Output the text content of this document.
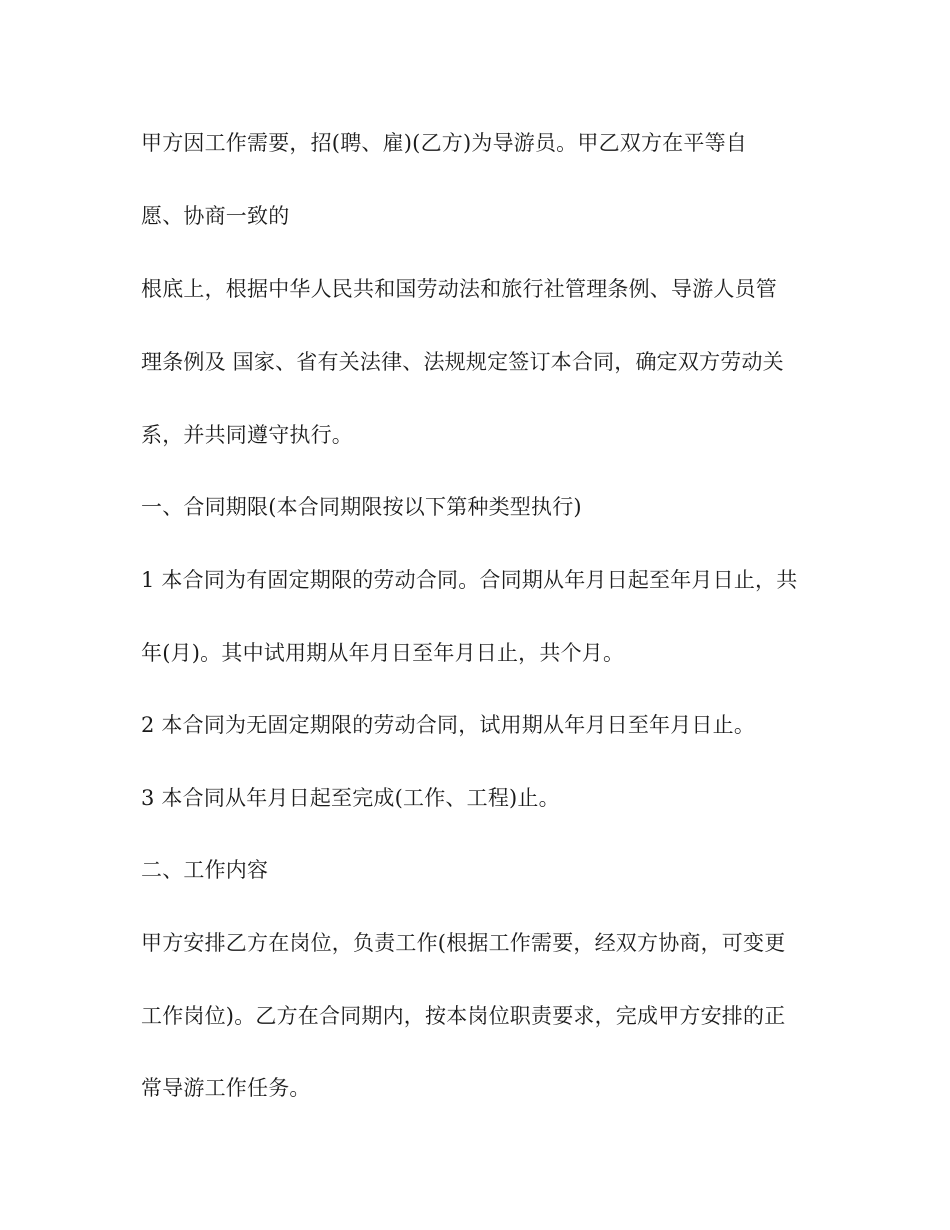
甲方因工作需要，招(聘、雇)(乙方)为导游员。甲乙双方在平等自

愿、协商一致的

根底上，根据中华人民共和国劳动法和旅行社管理条例、导游人员管

理条例及 国家、省有关法律、法规规定签订本合同，确定双方劳动关

系，并共同遵守执行。

一、合同期限(本合同期限按以下第种类型执行)

1 本合同为有固定期限的劳动合同。合同期从年月日起至年月日止，共

年(月)。其中试用期从年月日至年月日止，共个月。

2 本合同为无固定期限的劳动合同，试用期从年月日至年月日止。

3 本合同从年月日起至完成(工作、工程)止。

二、工作内容

甲方安排乙方在岗位，负责工作(根据工作需要，经双方协商，可变更

工作岗位)。乙方在合同期内，按本岗位职责要求，完成甲方安排的正

常导游工作任务。
